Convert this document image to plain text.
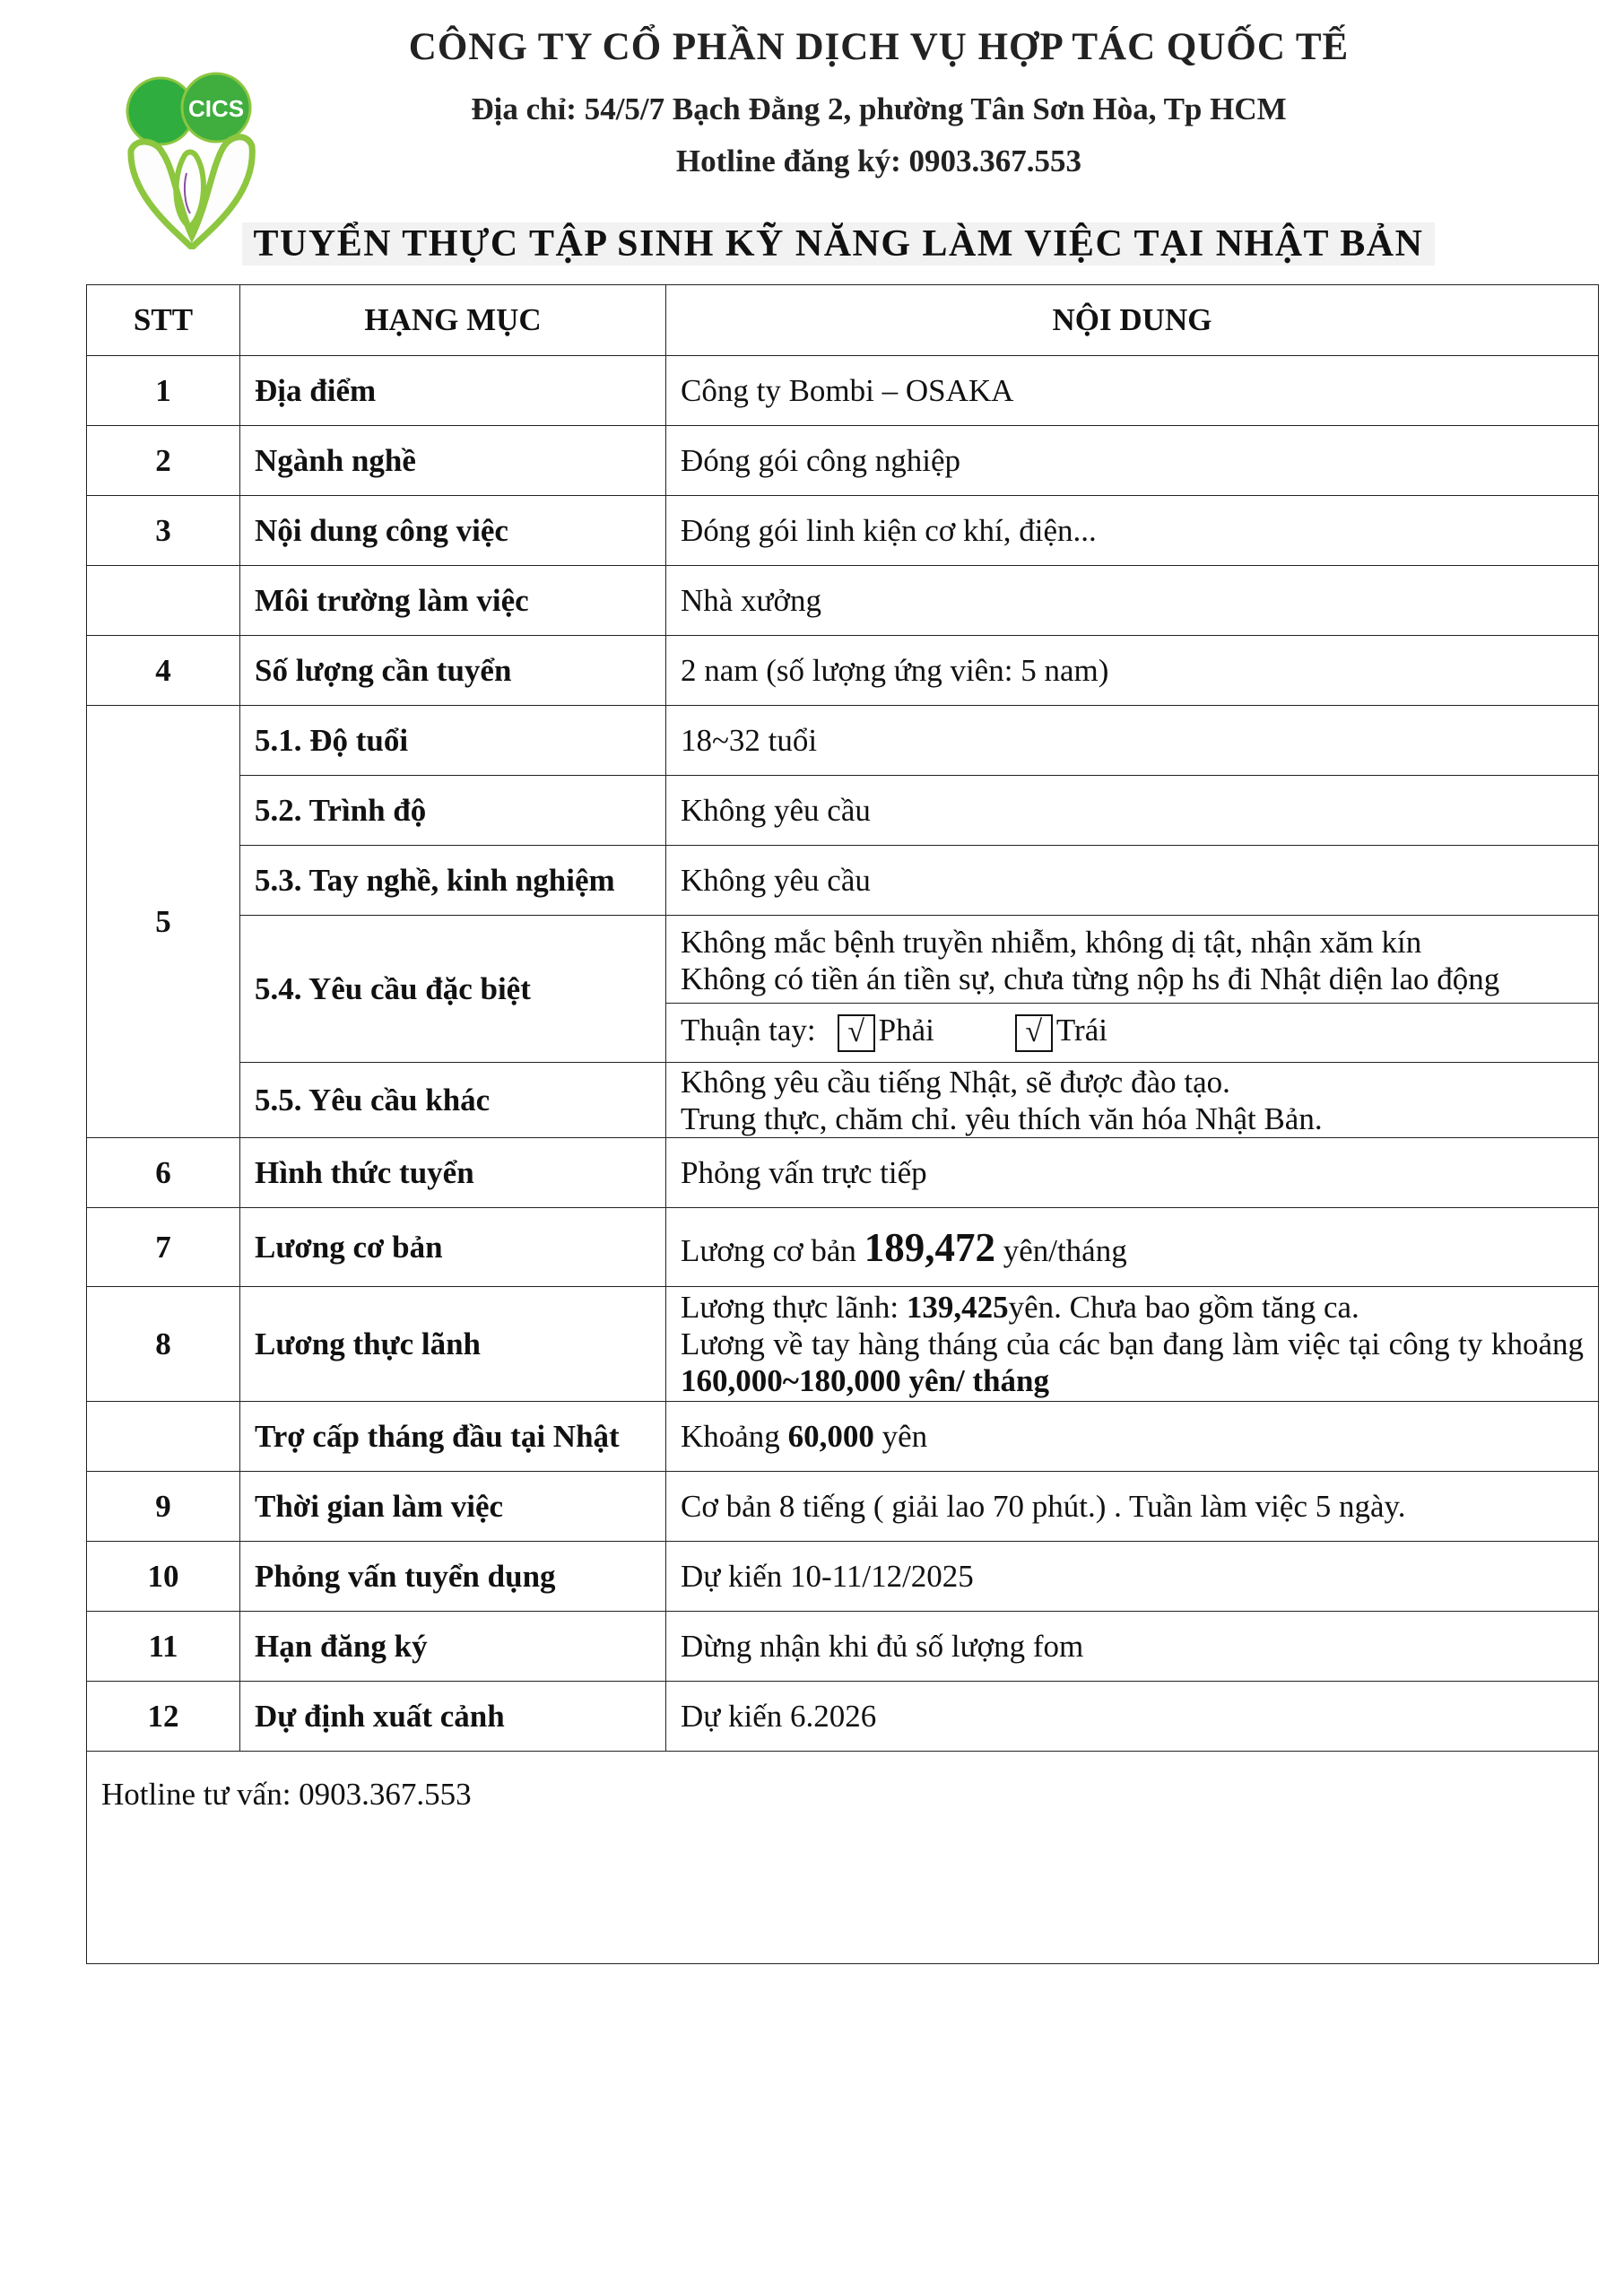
CICS
CÔNG TY CỔ PHẦN DỊCH VỤ HỢP TÁC QUỐC TẾ
Địa chỉ: 54/5/7 Bạch Đằng 2, phường Tân Sơn Hòa, Tp HCM
Hotline đăng ký: 0903.367.553
TUYỂN THỰC TẬP SINH KỸ NĂNG LÀM VIỆC TẠI NHẬT BẢN
STT	HẠNG MỤC	NỘI DUNG
1	Địa điểm	Công ty Bombi – OSAKA
2	Ngành nghề	Đóng gói công nghiệp
3	Nội dung công việc	Đóng gói linh kiện cơ khí, điện...
	Môi trường làm việc	Nhà xưởng
4	Số lượng cần tuyển	2 nam (số lượng ứng viên: 5 nam)
5	5.1. Độ tuổi	18~32 tuổi
	5.2. Trình độ	Không yêu cầu
	5.3. Tay nghề, kinh nghiệm	Không yêu cầu
	5.4. Yêu cầu đặc biệt	Không mắc bệnh truyền nhiễm, không dị tật, nhận xăm kín
Không có tiền án tiền sự, chưa từng nộp hs đi Nhật diện lao động
Thuận tay: √ Phải √ Trái

	5.5. Yêu cầu khác	Không yêu cầu tiếng Nhật, sẽ được đào tạo.
Trung thực, chăm chỉ. yêu thích văn hóa Nhật Bản.

6	Hình thức tuyển	Phỏng vấn trực tiếp
7	Lương cơ bản	Lương cơ bản 189,472 yên/tháng
8	Lương thực lãnh	Lương thực lãnh: 139,425yên. Chưa bao gồm tăng ca.
Lương về tay hàng tháng của các bạn đang làm việc tại công ty khoảng 160,000~180,000 yên/ tháng
	Trợ cấp tháng đầu tại Nhật	Khoảng 60,000 yên
9	Thời gian làm việc	Cơ bản 8 tiếng ( giải lao 70 phút.) . Tuần làm việc 5 ngày.
10	Phỏng vấn tuyển dụng	Dự kiến 10-11/12/2025
11	Hạn đăng ký	Dừng nhận khi đủ số lượng fom
12	Dự định xuất cảnh	Dự kiến 6.2026
Hotline tư vấn: 0903.367.553		
